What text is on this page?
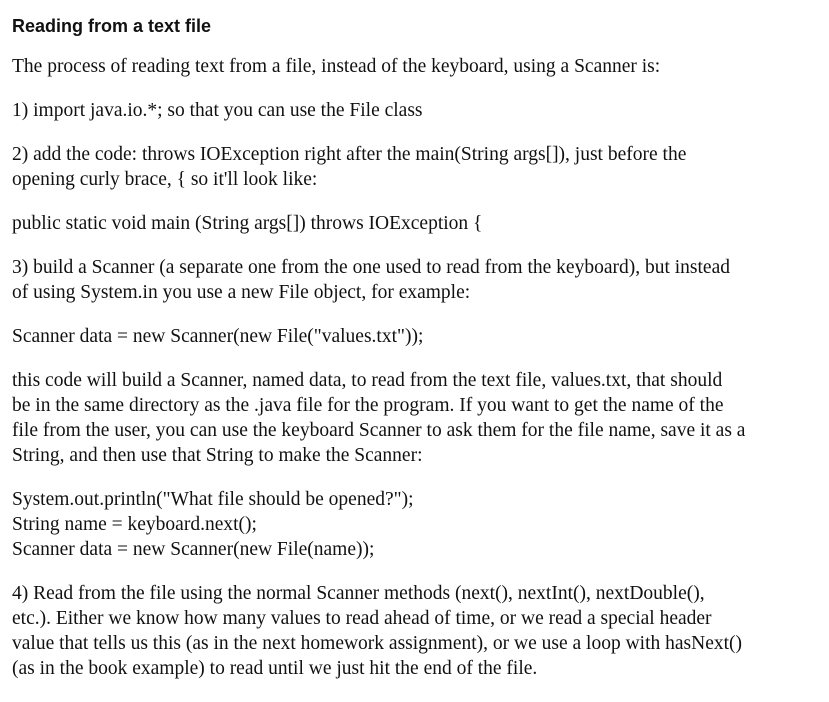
Reading from a text file
The process of reading text from a file, instead of the keyboard, using a Scanner is:
1) import java.io.*; so that you can use the File class
2) add the code: throws IOException right after the main(String args[]), just before the
opening curly brace, { so it'll look like:
public static void main (String args[]) throws IOException {
3) build a Scanner (a separate one from the one used to read from the keyboard), but instead
of using System.in you use a new File object, for example:
Scanner data = new Scanner(new File("values.txt"));
this code will build a Scanner, named data, to read from the text file, values.txt, that should
be in the same directory as the .java file for the program. If you want to get the name of the
file from the user, you can use the keyboard Scanner to ask them for the file name, save it as a
String, and then use that String to make the Scanner:
System.out.println("What file should be opened?");
String name = keyboard.next();
Scanner data = new Scanner(new File(name));
4) Read from the file using the normal Scanner methods (next(), nextInt(), nextDouble(),
etc.). Either we know how many values to read ahead of time, or we read a special header
value that tells us this (as in the next homework assignment), or we use a loop with hasNext()
(as in the book example) to read until we just hit the end of the file.
